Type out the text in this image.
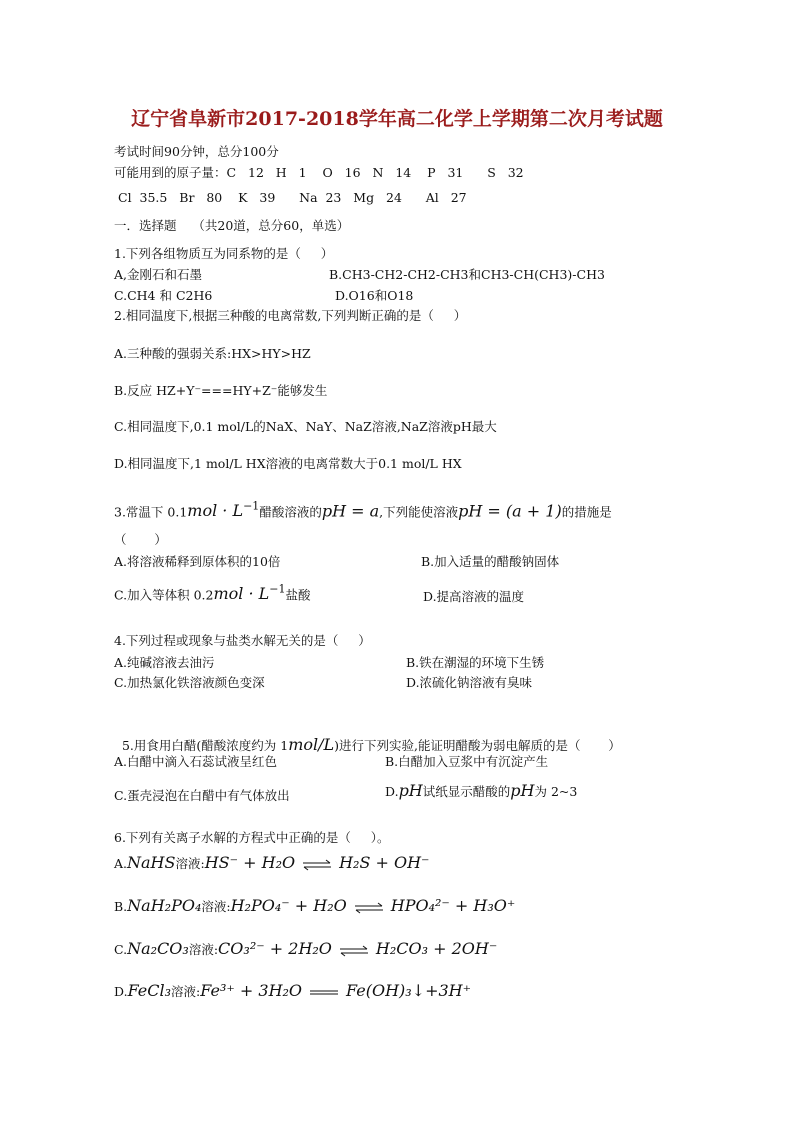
辽宁省阜新市2017-2018学年高二化学上学期第二次月考试题
考试时间90分钟，总分100分
可能用到的原子量：C   12   H   1    O   16   N   14    P   31      S   32
Cl  35.5   Br   80    K   39      Na  23   Mg   24      Al   27
一．选择题    （共20道，总分60，单选）
1.下列各组物质互为同系物的是（     ）
A,金刚石和石墨	B.CH3-CH2-CH2-CH3和CH3-CH(CH3)-CH3
C.CH4 和 C2H6	D.O16和O18
2.相同温度下,根据三种酸的电离常数,下列判断正确的是（     ）
A.三种酸的强弱关系:HX>HY>HZ
B.反应 HZ+Y⁻===HY+Z⁻能够发生
C.相同温度下,0.1 mol/L的NaX、NaY、NaZ溶液,NaZ溶液pH最大
D.相同温度下,1 mol/L HX溶液的电离常数大于0.1 mol/L HX
3.常温下 $0.1mol \cdot L^{-1}$醋酸溶液的pH = a,下列能使溶液pH = (a + 1)的措施是
（       ）
A.将溶液稀释到原体积的10倍	B.加入适量的醋酸钠固体
C.加入等体积 $0.2mol \cdot L^{-1}$盐酸	D.提高溶液的温度
4.下列过程或现象与盐类水解无关的是（     ）
A.纯碱溶液去油污	B.铁在潮湿的环境下生锈
C.加热氯化铁溶液颜色变深	D.浓硫化钠溶液有臭味

5.用食用白醋(醋酸浓度约为 1mol/L)进行下列实验,能证明醋酸为弱电解质的是（       ）

A.白醋中滴入石蕊试液呈红色	B.白醋加入豆浆中有沉淀产生
C.蛋壳浸泡在白醋中有气体放出	D.pH试纸显示醋酸的pH为 2~3
6.下列有关离子水解的方程式中正确的是（     ）。
A.NaHS溶液:HS⁻ + H₂O ⇌ H₂S + OH⁻
B.NaH₂PO₄溶液:H₂PO₄⁻ + H₂O ⇌ HPO₄²⁻ + H₃O⁺
C.Na₂CO₃溶液:CO₃²⁻ + 2H₂O ⇌ H₂CO₃ + 2OH⁻
D.FeCl₃溶液:Fe³⁺ + 3H₂O	Fe(OH)₃↓+3H⁺
